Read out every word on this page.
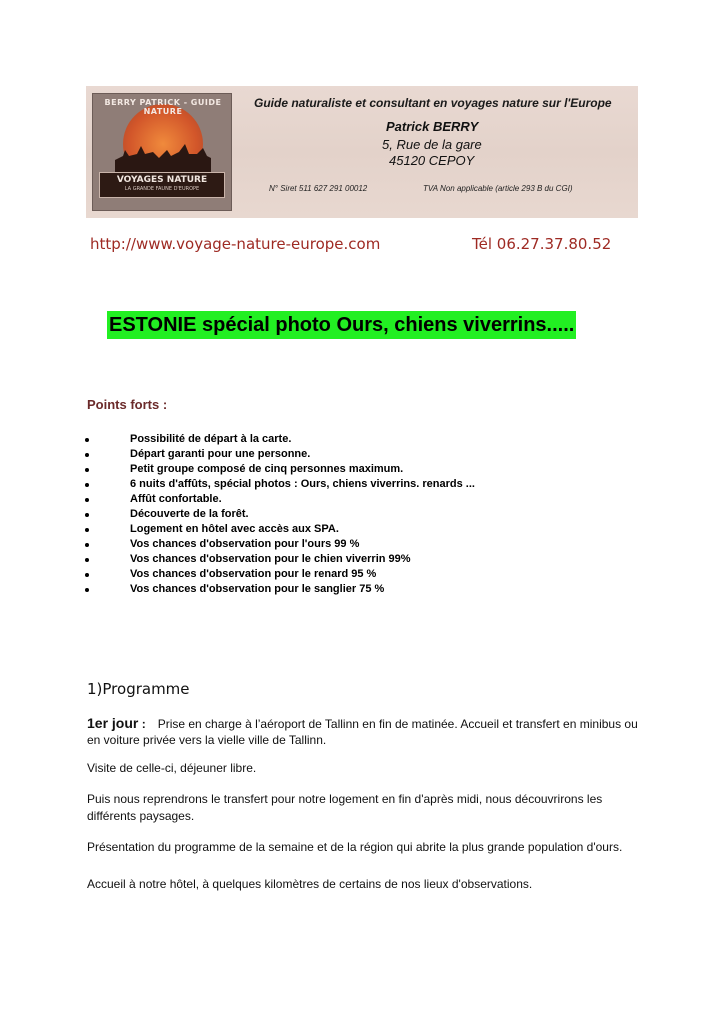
BERRY PATRICK - GUIDE NATURE
VOYAGES NATURE
LA GRANDE FAUNE D'EUROPE
Guide naturaliste et consultant en voyages nature sur l'Europe
Patrick BERRY
5, Rue de la gare
45120 CEPOY
N° Siret 511 627 291 00012	TVA Non applicable (article 293 B du CGI)
http://www.voyage-nature-europe.com	Tél 06.27.37.80.52
ESTONIE spécial photo Ours, chiens viverrins.....
Points forts :
Possibilité de départ à la carte.
Départ garanti pour une personne.
Petit groupe composé de cinq personnes maximum.
6 nuits d'affûts, spécial photos : Ours, chiens viverrins. renards ...
Affût confortable.
Découverte de la forêt.
Logement en hôtel avec accès aux SPA.
Vos chances d'observation pour l'ours 99 %
Vos chances d'observation pour le chien viverrin 99%
Vos chances d'observation pour le renard 95 %
Vos chances d'observation pour le sanglier 75 %
1)Programme
1er jour : Prise en charge à l’aéroport de Tallinn en fin de matinée. Accueil et transfert en minibus ou en voiture privée vers la vielle ville de Tallinn.
Visite de celle-ci, déjeuner libre.
Puis nous reprendrons le transfert pour notre logement en fin d'après midi, nous découvrirons les différents paysages.
Présentation du programme de la semaine et de la région qui abrite la plus grande population d'ours.
Accueil à notre hôtel, à quelques kilomètres de certains de nos lieux d'observations.
